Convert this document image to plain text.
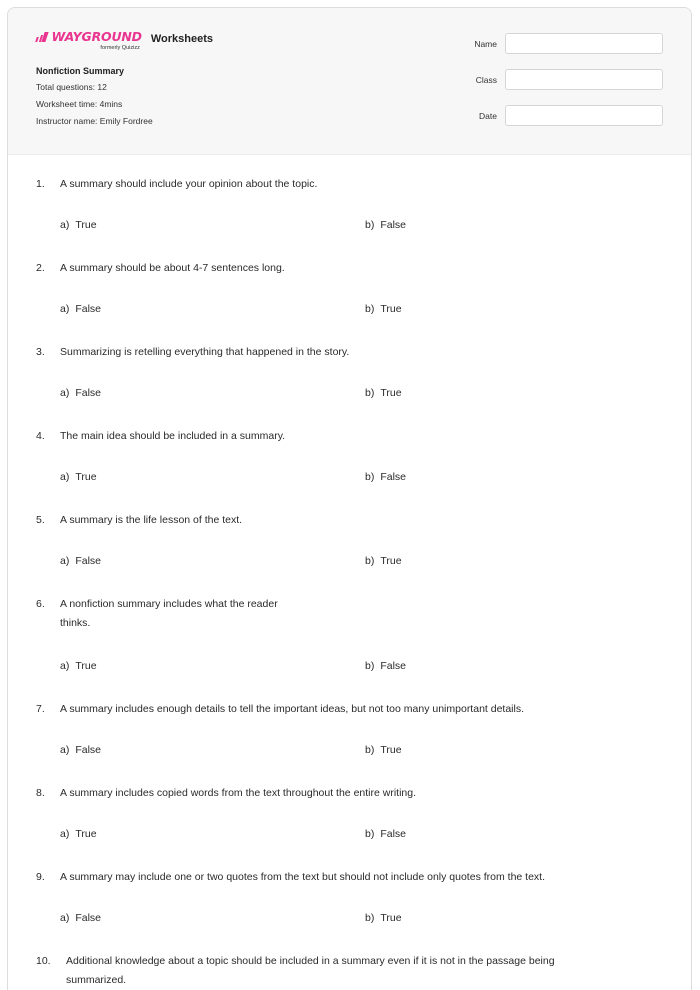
WAYGROUND
formerly Quizizz
Worksheets
Nonfiction Summary
Total questions: 12
Worksheet time: 4mins
Instructor name: Emily Fordree
Name
Class
Date
1.	A summary should include your opinion about the topic.
a) True	b) False
2.	A summary should be about 4-7 sentences long.
a) False	b) True
3.	Summarizing is retelling everything that happened in the story.
a) False	b) True
4.	The main idea should be included in a summary.
a) True	b) False
5.	A summary is the life lesson of the text.
a) False	b) True
6.	A nonfiction summary includes what the reader
thinks.
a) True	b) False
7.	A summary includes enough details to tell the important ideas, but not too many unimportant details.
a) False	b) True
8.	A summary includes copied words from the text throughout the entire writing.
a) True	b) False
9.	A summary may include one or two quotes from the text but should not include only quotes from the text.
a) False	b) True
10.	Additional knowledge about a topic should be included in a summary even if it is not in the passage being
summarized.
